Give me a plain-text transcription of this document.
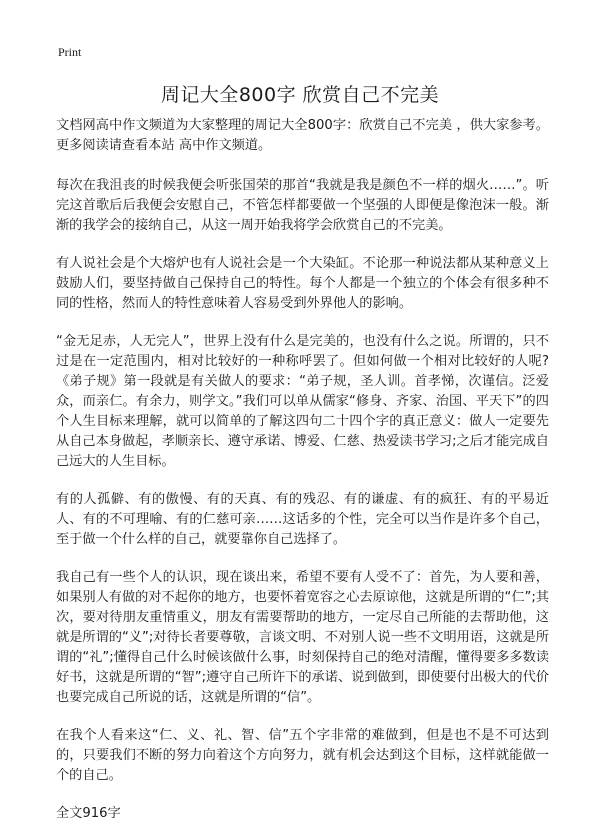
Print
周记大全800字 欣赏自己不完美

文档网高中作文频道为大家整理的周记大全800字：欣赏自己不完美 ，供大家参考。更多阅读请查看本站 高中作文频道。

每次在我沮丧的时候我便会听张国荣的那首“我就是我是颜色不一样的烟火……”。听完这首歌后后我便会安慰自己，不管怎样都要做一个坚强的人即便是像泡沫一般。渐渐的我学会的接纳自己，从这一周开始我将学会欣赏自己的不完美。

有人说社会是个大熔炉也有人说社会是一个大染缸。不论那一种说法都从某种意义上鼓励人们，要坚持做自己保持自己的特性。每个人都是一个独立的个体会有很多种不同的性格，然而人的特性意味着人容易受到外界他人的影响。

“金无足赤，人无完人”，世界上没有什么是完美的，也没有什么之说。所谓的，只不过是在一定范围内，相对比较好的一种称呼罢了。但如何做一个相对比较好的人呢?《弟子规》第一段就是有关做人的要求：“弟子规，圣人训。首孝悌，次谨信。泛爱众，而亲仁。有余力，则学文。”我们可以单从儒家“修身、齐家、治国、平天下”的四个人生目标来理解，就可以简单的了解这四句二十四个字的真正意义：做人一定要先从自己本身做起，孝顺亲长、遵守承诺、博爱、仁慈、热爱读书学习;之后才能完成自己远大的人生目标。

有的人孤僻、有的傲慢、有的天真、有的残忍、有的谦虚、有的疯狂、有的平易近人、有的不可理喻、有的仁慈可亲……这话多的个性，完全可以当作是许多个自己，至于做一个什么样的自己，就要靠你自己选择了。

我自己有一些个人的认识，现在谈出来，希望不要有人受不了：首先，为人要和善，如果别人有做的对不起你的地方，也要怀着宽容之心去原谅他，这就是所谓的“仁”;其次，要对待朋友重情重义，朋友有需要帮助的地方，一定尽自己所能的去帮助他，这就是所谓的“义”;对待长者要尊敬，言谈文明、不对别人说一些不文明用语，这就是所谓的“礼”;懂得自己什么时候该做什么事，时刻保持自己的绝对清醒，懂得要多多数读好书，这就是所谓的“智”;遵守自己所许下的承诺、说到做到，即使要付出极大的代价也要完成自己所说的话，这就是所谓的“信”。

在我个人看来这“仁、义、礼、智、信”五个字非常的难做到，但是也不是不可达到的，只要我们不断的努力向着这个方向努力，就有机会达到这个目标，这样就能做一个的自己。

全文916字
